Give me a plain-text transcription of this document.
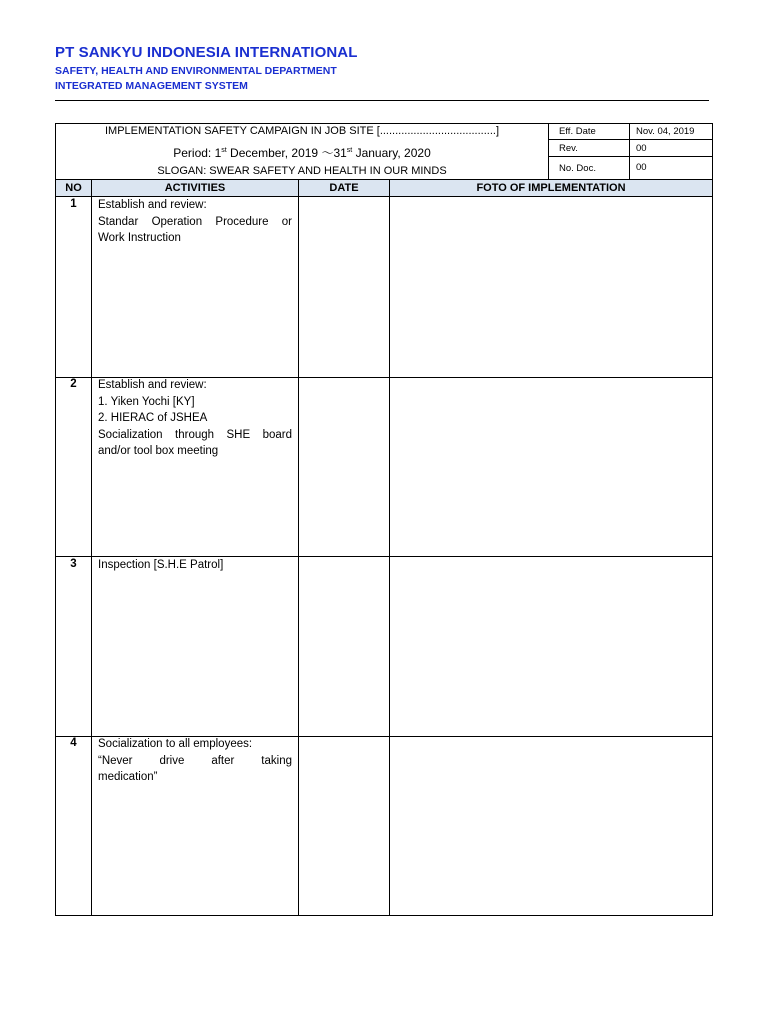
PT SANKYU INDONESIA INTERNATIONAL
SAFETY, HEALTH AND ENVIRONMENTAL DEPARTMENT
INTEGRATED MANAGEMENT SYSTEM
IMPLEMENTATION SAFETY CAMPAIGN IN JOB SITE [......................................]
Period: 1st December, 2019 ～31st January, 2020
SLOGAN: SWEAR SAFETY AND HEALTH IN OUR MINDS
Eff. Date	Nov. 04, 2019
Rev.	00
No. Doc.	00
NO	ACTIVITIES	DATE	FOTO OF IMPLEMENTATION
1	Establish and review:
Standar Operation Procedure or
Work Instruction
2	Establish and review:
1. Yiken Yochi [KY]
2. HIERAC of JSHEA
Socialization through SHE board
and/or tool box meeting
3	Inspection [S.H.E Patrol]
4	Socialization to all employees:
“Never drive after taking
medication”
